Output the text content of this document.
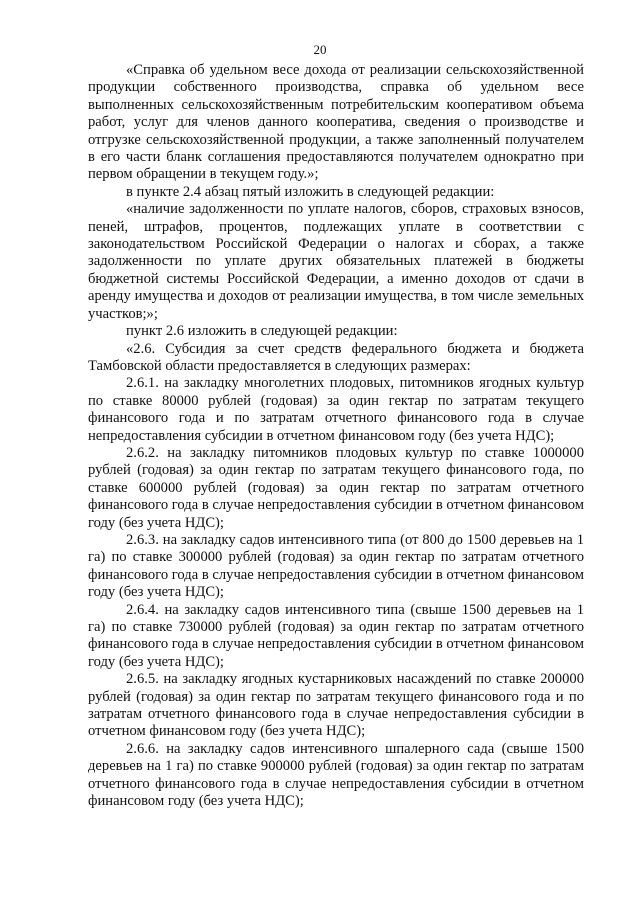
20

«Справка об удельном весе дохода от реализации сельскохозяйственной продукции собственного производства, справка об удельном весе выполненных сельскохозяйственным потребительским кооперативом объема работ, услуг для членов данного кооператива, сведения о производстве и отгрузке сельскохозяйственной продукции, а также заполненный получателем в его части бланк соглашения предоставляются получателем однократно при первом обращении в текущем году.»;

в пункте 2.4 абзац пятый изложить в следующей редакции:

«наличие задолженности по уплате налогов, сборов, страховых взносов, пеней, штрафов, процентов, подлежащих уплате в соответствии с законодательством Российской Федерации о налогах и сборах, а также задолженности по уплате других обязательных платежей в бюджеты бюджетной системы Российской Федерации, а именно доходов от сдачи в аренду имущества и доходов от реализации имущества, в том числе земельных участков;»;

пункт 2.6 изложить в следующей редакции:

«2.6. Субсидия за счет средств федерального бюджета и бюджета Тамбовской области предоставляется в следующих размерах:

2.6.1. на закладку многолетних плодовых, питомников ягодных культур по ставке 80000 рублей (годовая) за один гектар по затратам текущего финансового года и по затратам отчетного финансового года в случае непредоставления субсидии в отчетном финансовом году (без учета НДС);

2.6.2. на закладку питомников плодовых культур по ставке 1000000 рублей (годовая) за один гектар по затратам текущего финансового года, по ставке 600000 рублей (годовая) за один гектар по затратам отчетного финансового года в случае непредоставления субсидии в отчетном финансовом году (без учета НДС);

2.6.3. на закладку садов интенсивного типа (от 800 до 1500 деревьев на 1 га) по ставке 300000 рублей (годовая) за один гектар по затратам отчетного финансового года в случае непредоставления субсидии в отчетном финансовом году (без учета НДС);

2.6.4. на закладку садов интенсивного типа (свыше 1500 деревьев на 1 га) по ставке 730000 рублей (годовая) за один гектар по затратам отчетного финансового года в случае непредоставления субсидии в отчетном финансовом году (без учета НДС);

2.6.5. на закладку ягодных кустарниковых насаждений по ставке 200000 рублей (годовая) за один гектар по затратам текущего финансового года и по затратам отчетного финансового года в случае непредоставления субсидии в отчетном финансовом году (без учета НДС);

2.6.6. на закладку садов интенсивного шпалерного сада (свыше 1500 деревьев на 1 га) по ставке 900000 рублей (годовая) за один гектар по затратам отчетного финансового года в случае непредоставления субсидии в отчетном финансовом году (без учета НДС);
